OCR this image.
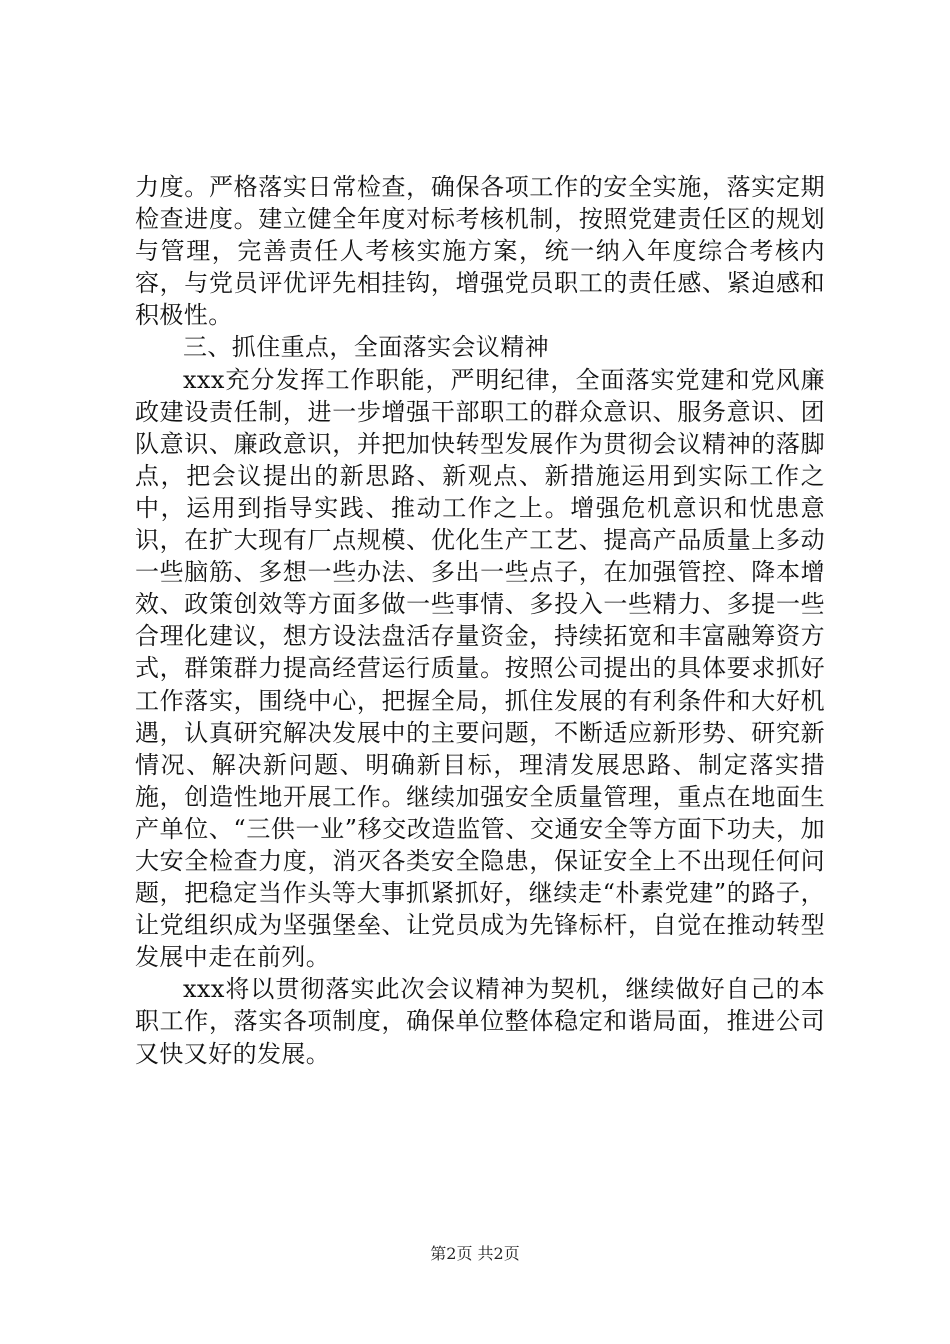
力度。严格落实日常检查，确保各项工作的安全实施，落实定期检查进度。建立健全年度对标考核机制，按照党建责任区的规划与管理，完善责任人考核实施方案，统一纳入年度综合考核内容，与党员评优评先相挂钩，增强党员职工的责任感、紧迫感和积极性。

三、抓住重点，全面落实会议精神

xxx充分发挥工作职能，严明纪律，全面落实党建和党风廉政建设责任制，进一步增强干部职工的群众意识、服务意识、团队意识、廉政意识，并把加快转型发展作为贯彻会议精神的落脚点，把会议提出的新思路、新观点、新措施运用到实际工作之中，运用到指导实践、推动工作之上。增强危机意识和忧患意识，在扩大现有厂点规模、优化生产工艺、提高产品质量上多动一些脑筋、多想一些办法、多出一些点子，在加强管控、降本增效、政策创效等方面多做一些事情、多投入一些精力、多提一些合理化建议，想方设法盘活存量资金，持续拓宽和丰富融筹资方式，群策群力提高经营运行质量。按照公司提出的具体要求抓好工作落实，围绕中心，把握全局，抓住发展的有利条件和大好机遇，认真研究解决发展中的主要问题，不断适应新形势、研究新情况、解决新问题、明确新目标，理清发展思路、制定落实措施，创造性地开展工作。继续加强安全质量管理，重点在地面生产单位、“三供一业”移交改造监管、交通安全等方面下功夫，加大安全检查力度，消灭各类安全隐患，保证安全上不出现任何问题，把稳定当作头等大事抓紧抓好，继续走“朴素党建”的路子，让党组织成为坚强堡垒、让党员成为先锋标杆，自觉在推动转型发展中走在前列。

xxx将以贯彻落实此次会议精神为契机，继续做好自己的本职工作，落实各项制度，确保单位整体稳定和谐局面，推进公司又快又好的发展。

第2页 共2页
